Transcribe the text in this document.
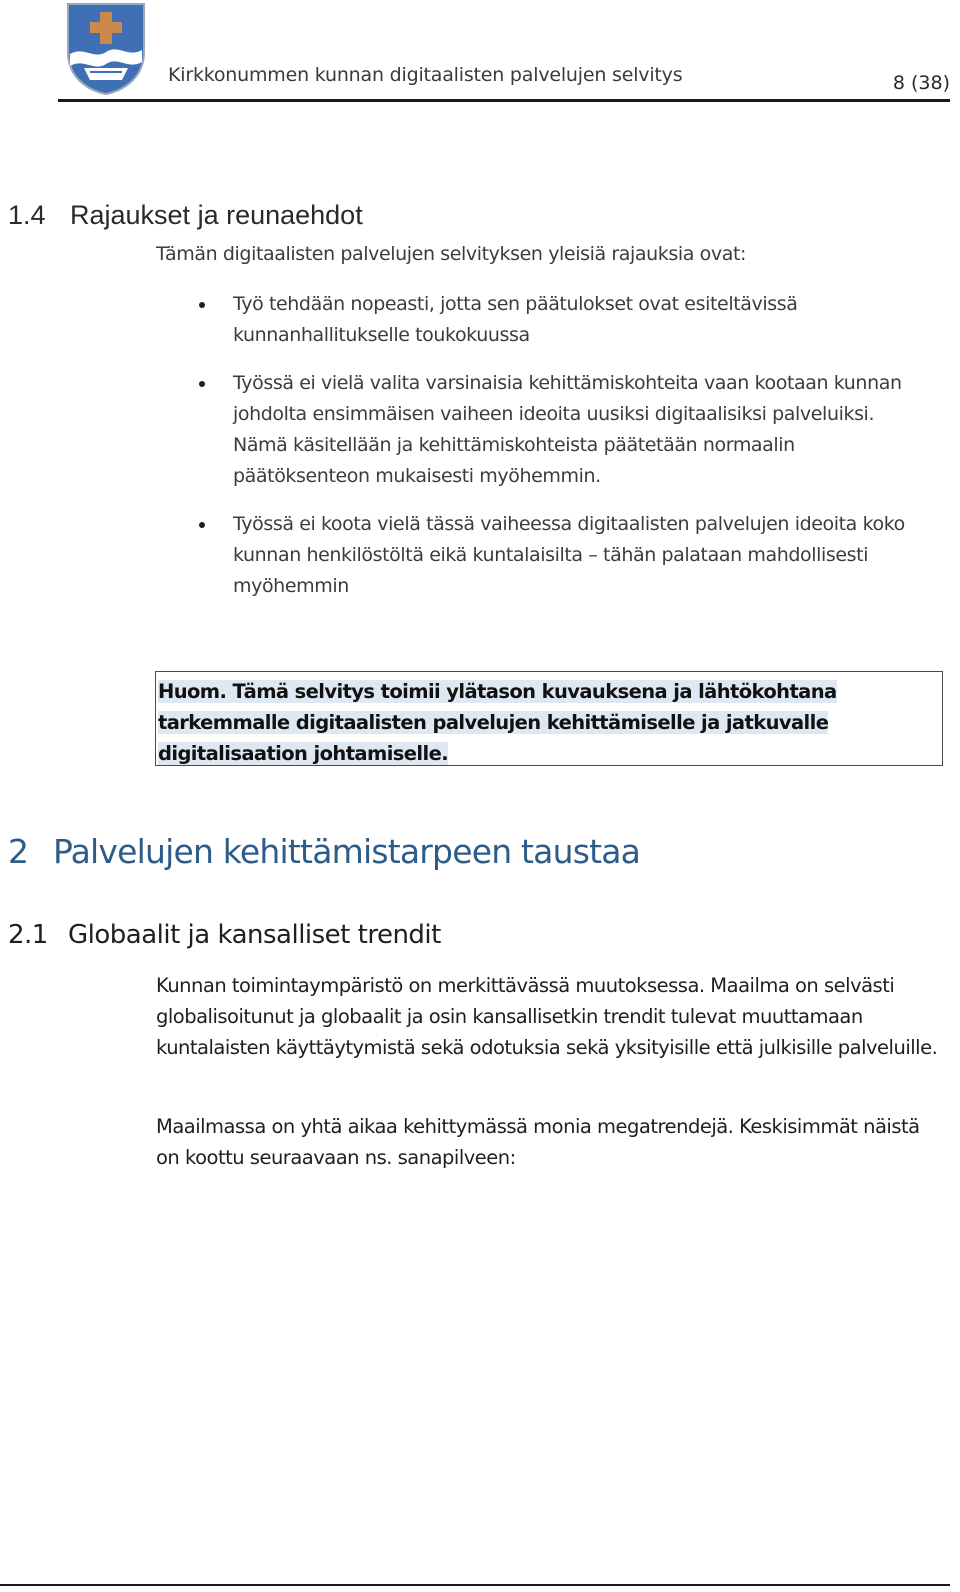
Kirkkonummen kunnan digitaalisten palvelujen selvitys	8 (38)
1.4 Rajaukset ja reunaehdot

Tämän digitaalisten palvelujen selvityksen yleisiä rajauksia ovat:

Työ tehdään nopeasti, jotta sen päätulokset ovat esiteltävissä kunnanhallitukselle toukokuussa
Työssä ei vielä valita varsinaisia kehittämiskohteita vaan kootaan kunnan johdolta ensimmäisen vaiheen ideoita uusiksi digitaalisiksi palveluiksi. Nämä käsitellään ja kehittämiskohteista päätetään normaalin päätöksenteon mukaisesti myöhemmin.
Työssä ei koota vielä tässä vaiheessa digitaalisten palvelujen ideoita koko kunnan henkilöstöltä eikä kuntalaisilta – tähän palataan mahdollisesti myöhemmin
Huom. Tämä selvitys toimii ylätason kuvauksena ja lähtökohtana tarkemmalle digitaalisten palvelujen kehittämiselle ja jatkuvalle digitalisaation johtamiselle.
2 Palvelujen kehittämistarpeen taustaa
2.1 Globaalit ja kansalliset trendit

Kunnan toimintaympäristö on merkittävässä muutoksessa. Maailma on selvästi globalisoitunut ja globaalit ja osin kansallisetkin trendit tulevat muuttamaan kuntalaisten käyttäytymistä sekä odotuksia sekä yksityisille että julkisille palveluille.

Maailmassa on yhtä aikaa kehittymässä monia megatrendejä. Keskisimmät näistä on koottu seuraavaan ns. sanapilveen:
